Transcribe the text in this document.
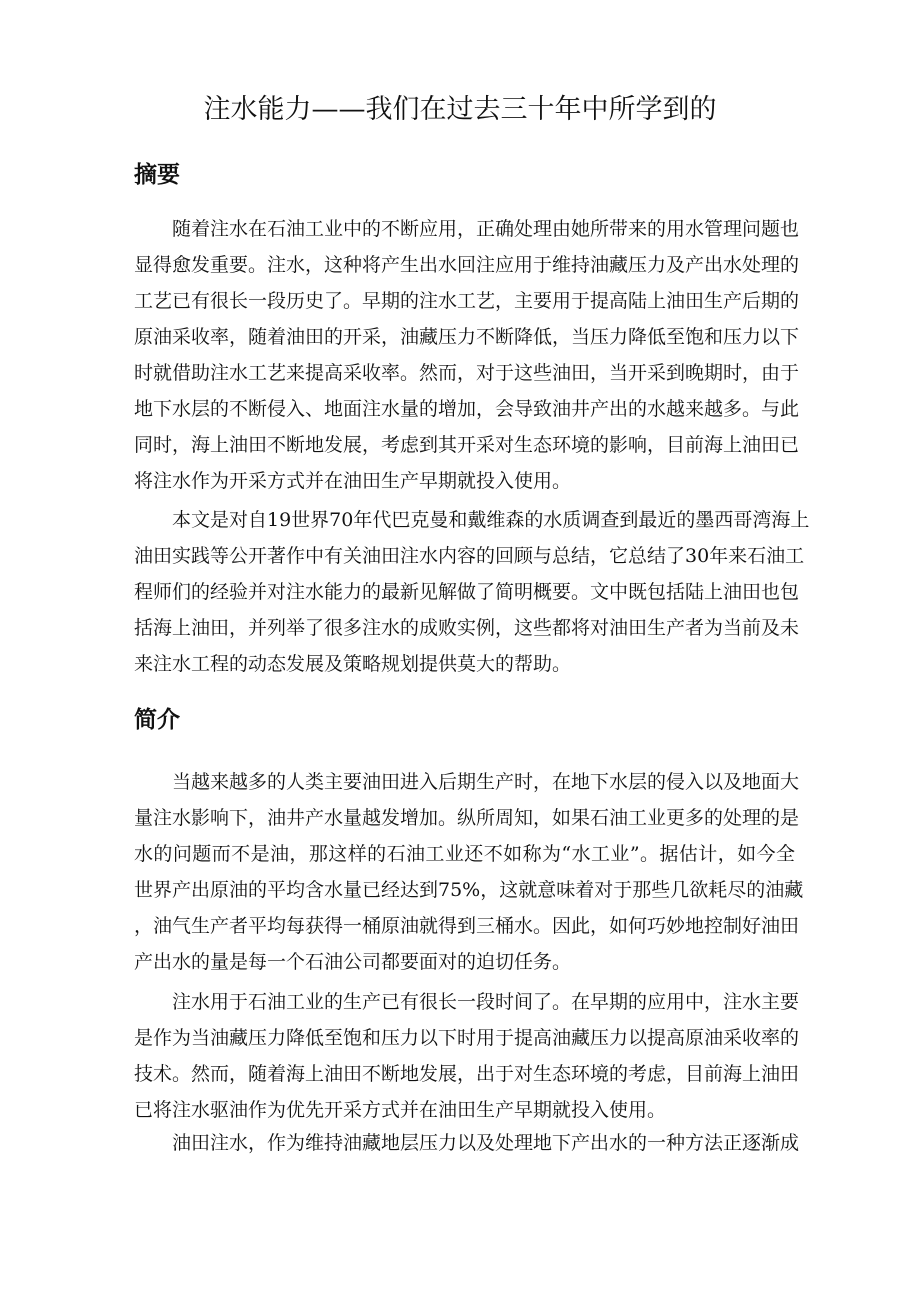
注水能力——我们在过去三十年中所学到的
摘要
随着注水在石油工业中的不断应用，正确处理由她所带来的用水管理问题也
显得愈发重要。注水，这种将产生出水回注应用于维持油藏压力及产出水处理的
工艺已有很长一段历史了。早期的注水工艺，主要用于提高陆上油田生产后期的
原油采收率，随着油田的开采，油藏压力不断降低，当压力降低至饱和压力以下
时就借助注水工艺来提高采收率。然而，对于这些油田，当开采到晚期时，由于
地下水层的不断侵入、地面注水量的增加，会导致油井产出的水越来越多。与此
同时，海上油田不断地发展，考虑到其开采对生态环境的影响，目前海上油田已
将注水作为开采方式并在油田生产早期就投入使用。
本文是对自19世界70年代巴克曼和戴维森的水质调查到最近的墨西哥湾海上
油田实践等公开著作中有关油田注水内容的回顾与总结，它总结了30年来石油工
程师们的经验并对注水能力的最新见解做了简明概要。文中既包括陆上油田也包
括海上油田，并列举了很多注水的成败实例，这些都将对油田生产者为当前及未
来注水工程的动态发展及策略规划提供莫大的帮助。
简介
当越来越多的人类主要油田进入后期生产时，在地下水层的侵入以及地面大
量注水影响下，油井产水量越发增加。纵所周知，如果石油工业更多的处理的是
水的问题而不是油，那这样的石油工业还不如称为“水工业”。据估计，如今全
世界产出原油的平均含水量已经达到75%，这就意味着对于那些几欲耗尽的油藏
，油气生产者平均每获得一桶原油就得到三桶水。因此，如何巧妙地控制好油田
产出水的量是每一个石油公司都要面对的迫切任务。
注水用于石油工业的生产已有很长一段时间了。在早期的应用中，注水主要
是作为当油藏压力降低至饱和压力以下时用于提高油藏压力以提高原油采收率的
技术。然而，随着海上油田不断地发展，出于对生态环境的考虑，目前海上油田
已将注水驱油作为优先开采方式并在油田生产早期就投入使用。
油田注水，作为维持油藏地层压力以及处理地下产出水的一种方法正逐渐成
